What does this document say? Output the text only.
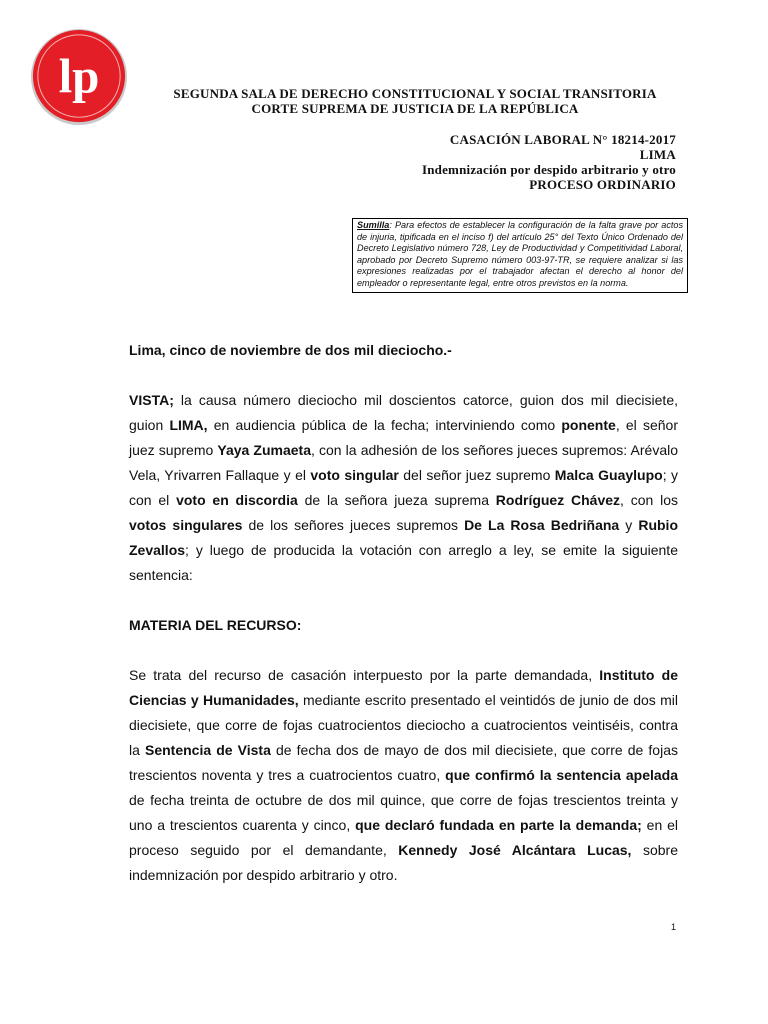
lp	SEGUNDA SALA DE DERECHO CONSTITUCIONAL Y SOCIAL TRANSITORIA
CORTE SUPREMA DE JUSTICIA DE LA REPÚBLICA
CASACIÓN LABORAL N° 18214-2017
LIMA
Indemnización por despido arbitrario y otro
PROCESO ORDINARIO
Sumilla: Para efectos de establecer la configuración de la falta grave por actos de injuria, tipificada en el inciso f) del artículo 25° del Texto Único Ordenado del Decreto Legislativo número 728, Ley de Productividad y Competitividad Laboral, aprobado por Decreto Supremo número 003-97-TR, se requiere analizar si las expresiones realizadas por el trabajador afectan el derecho al honor del empleador o representante legal, entre otros previstos en la norma.

Lima, cinco de noviembre de dos mil dieciocho.-

VISTA; la causa número dieciocho mil doscientos catorce, guion dos mil diecisiete, guion LIMA, en audiencia pública de la fecha; interviniendo como ponente, el señor juez supremo Yaya Zumaeta, con la adhesión de los señores jueces supremos: Arévalo Vela, Yrivarren Fallaque y el voto singular del señor juez supremo Malca Guaylupo; y con el voto en discordia de la señora jueza suprema Rodríguez Chávez, con los votos singulares de los señores jueces supremos De La Rosa Bedriñana y Rubio Zevallos; y luego de producida la votación con arreglo a ley, se emite la siguiente sentencia:

MATERIA DEL RECURSO:

Se trata del recurso de casación interpuesto por la parte demandada, Instituto de Ciencias y Humanidades, mediante escrito presentado el veintidós de junio de dos mil diecisiete, que corre de fojas cuatrocientos dieciocho a cuatrocientos veintiséis, contra la Sentencia de Vista de fecha dos de mayo de dos mil diecisiete, que corre de fojas trescientos noventa y tres a cuatrocientos cuatro, que confirmó la sentencia apelada de fecha treinta de octubre de dos mil quince, que corre de fojas trescientos treinta y uno a trescientos cuarenta y cinco, que declaró fundada en parte la demanda; en el proceso seguido por el demandante, Kennedy José Alcántara Lucas, sobre indemnización por despido arbitrario y otro.

1
